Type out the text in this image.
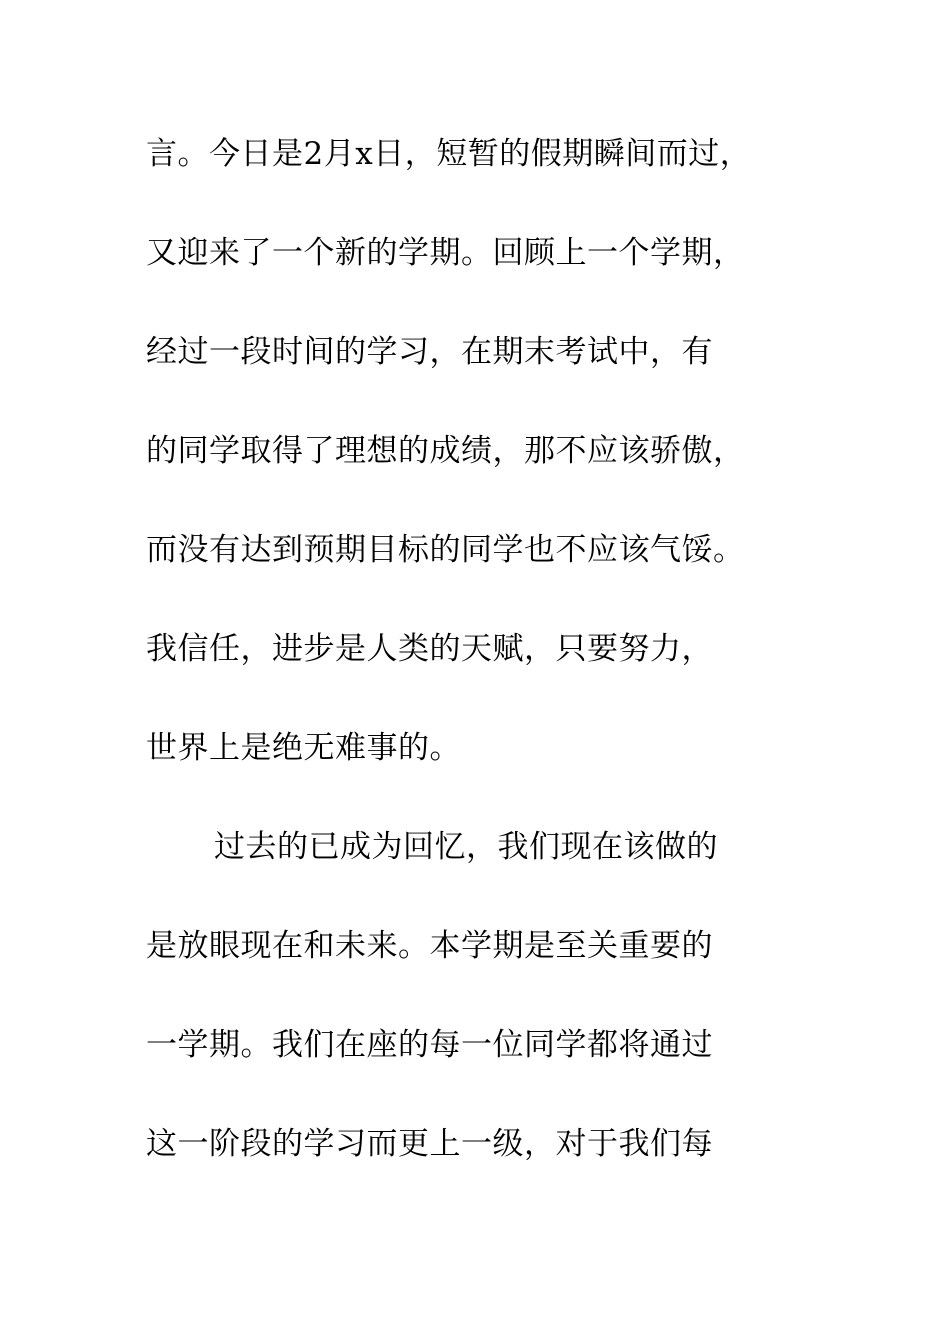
言。今日是2月x日，短暂的假期瞬间而过，
又迎来了一个新的学期。回顾上一个学期，
经过一段时间的学习，在期末考试中，有
的同学取得了理想的成绩，那不应该骄傲，
而没有达到预期目标的同学也不应该气馁。
我信任，进步是人类的天赋，只要努力，
世界上是绝无难事的。
过去的已成为回忆，我们现在该做的
是放眼现在和未来。本学期是至关重要的
一学期。我们在座的每一位同学都将通过
这一阶段的学习而更上一级，对于我们每
